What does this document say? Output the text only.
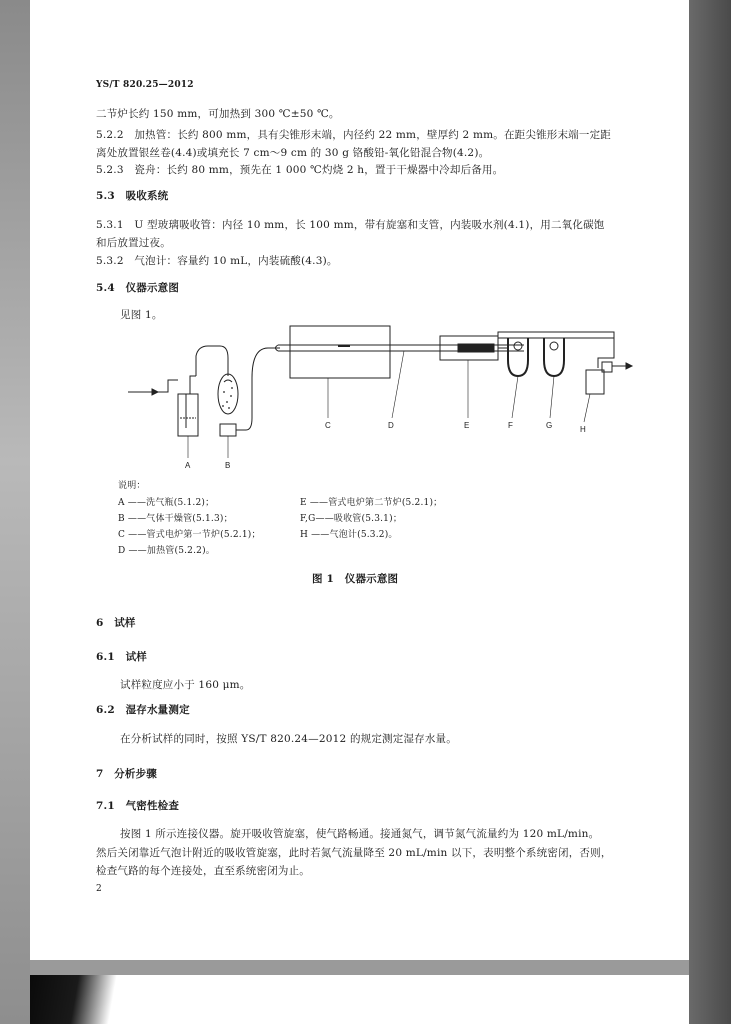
YS/T 820.25—2012
二节炉长约 150 mm，可加热到 300 ℃±50 ℃。
5.2.2　加热管：长约 800 mm，具有尖锥形末端，内径约 22 mm，壁厚约 2 mm。在距尖锥形末端一定距
离处放置银丝卷(4.4)或填充长 7 cm～9 cm 的 30 g 铬酸铅-氧化铅混合物(4.2)。
5.2.3　瓷舟：长约 80 mm，预先在 1 000 ℃灼烧 2 h，置于干燥器中冷却后备用。
5.3　吸收系统
5.3.1　U 型玻璃吸收管：内径 10 mm，长 100 mm，带有旋塞和支管，内装吸水剂(4.1)，用二氧化碳饱
和后放置过夜。
5.3.2　气泡计：容量约 10 mL，内装硫酸(4.3)。
5.4　仪器示意图
见图 1。
A	B
C	D	E	F	G	H
说明：
A ——洗气瓶(5.1.2)；
B ——气体干燥管(5.1.3)；
C ——管式电炉第一节炉(5.2.1)；
D ——加热管(5.2.2)。
E ——管式电炉第二节炉(5.2.1)；
F,G——吸收管(5.3.1)；
H ——气泡计(5.3.2)。
图 1　仪器示意图
6　试样
6.1　试样
试样粒度应小于 160 μm。
6.2　湿存水量测定
在分析试样的同时，按照 YS/T 820.24—2012 的规定测定湿存水量。
7　分析步骤
7.1　气密性检查
按图 1 所示连接仪器。旋开吸收管旋塞，使气路畅通。接通氮气，调节氮气流量约为 120 mL/min。
然后关闭靠近气泡计附近的吸收管旋塞，此时若氮气流量降至 20 mL/min 以下，表明整个系统密闭，否则，
检查气路的每个连接处，直至系统密闭为止。
2
